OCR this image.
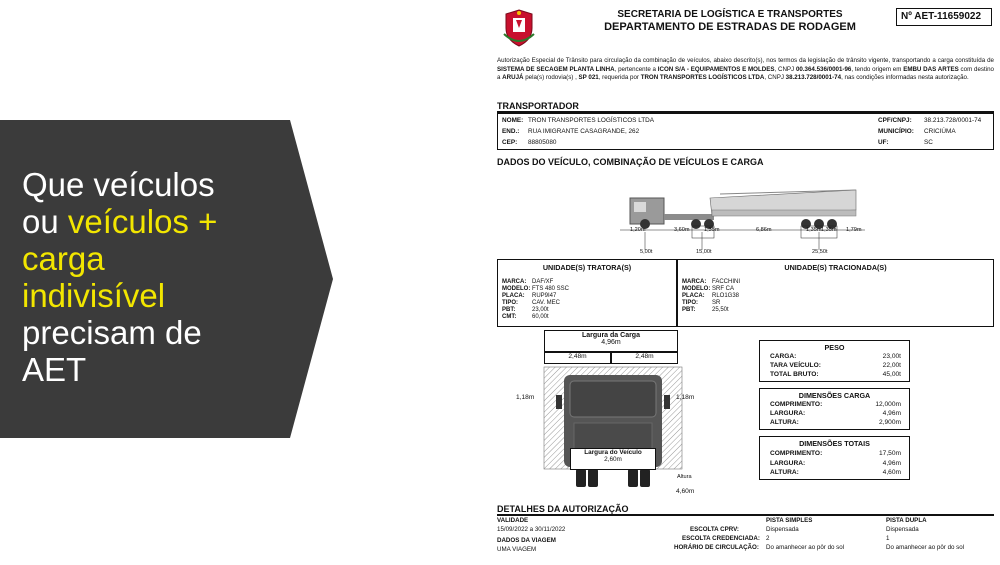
Que veículos
ou veículos +
carga
indivisível
precisam de
AET
SECRETARIA DE LOGÍSTICA E TRANSPORTES
DEPARTAMENTO DE ESTRADAS DE RODAGEM
Nº AET-11659022
Autorização Especial de Trânsito para circulação da combinação de veículos, abaixo descrito(s), nos termos da legislação de trânsito vigente, transportando a carga constituída de SISTEMA DE SECAGEM PLANTA LINHA, pertencente a ICON S/A - EQUIPAMENTOS E MOLDES, CNPJ 00.364.536/0001-96, tendo origem em EMBU DAS ARTES com destino a ARUJÁ pela(s) rodovia(s) , SP 021, requerida por TRON TRANSPORTES LOGÍSTICOS LTDA, CNPJ 38.213.728/0001-74, nas condições informadas nesta autorização.
TRANSPORTADOR
NOME: TRON TRANSPORTES LOGÍSTICOS LTDA
END.: RUA IMIGRANTE CASAGRANDE, 262
CEP: 88805080
CPF/CNPJ: 38.213.728/0001-74
MUNICÍPIO: CRICIÚMA
UF:	SC
DADOS DO VEÍCULO, COMBINAÇÃO DE VEÍCULOS E CARGA
1,20m	3,60m	1,35m	6,86m	1,35m 1,35m 1,79m
5,00t	15,00t	25,50t
UNIDADE(S) TRATORA(S)
MARCA: DAF/XF
MODELO: FTS 480 SSC
PLACA: RUP9I47
TIPO: CAV. MEC
PBT:	23,00t
CMT:	60,00t
UNIDADE(S) TRACIONADA(S)
MARCA: FACCHINI
MODELO: SRF CA
PLACA: RLO1G38
TIPO: SR
PBT:	25,50t
Largura da Carga
4,96m
2,48m	2,48m
1,18m	1,18m
Largura do Veículo
2,60m
Altura
4,60m
PESO
CARGA:	23,00t
TARA VEÍCULO:	22,00t
TOTAL BRUTO:	45,00t
DIMENSÕES CARGA
COMPRIMENTO:	12,000m
LARGURA:	4,96m
ALTURA:	2,900m
DIMENSÕES TOTAIS
COMPRIMENTO:	17,50m
LARGURA:	4,96m
ALTURA:	4,60m
DETALHES DA AUTORIZAÇÃO
VALIDADE
15/09/2022 a 30/11/2022
DADOS DA VIAGEM
UMA VIAGEM
PISTA SIMPLES	PISTA DUPLA
ESCOLTA CPRV:	Dispensada	Dispensada
ESCOLTA CREDENCIADA: 2	1
HORÁRIO DE CIRCULAÇÃO: Do amanhecer ao pôr do sol	Do amanhecer ao pôr do sol
